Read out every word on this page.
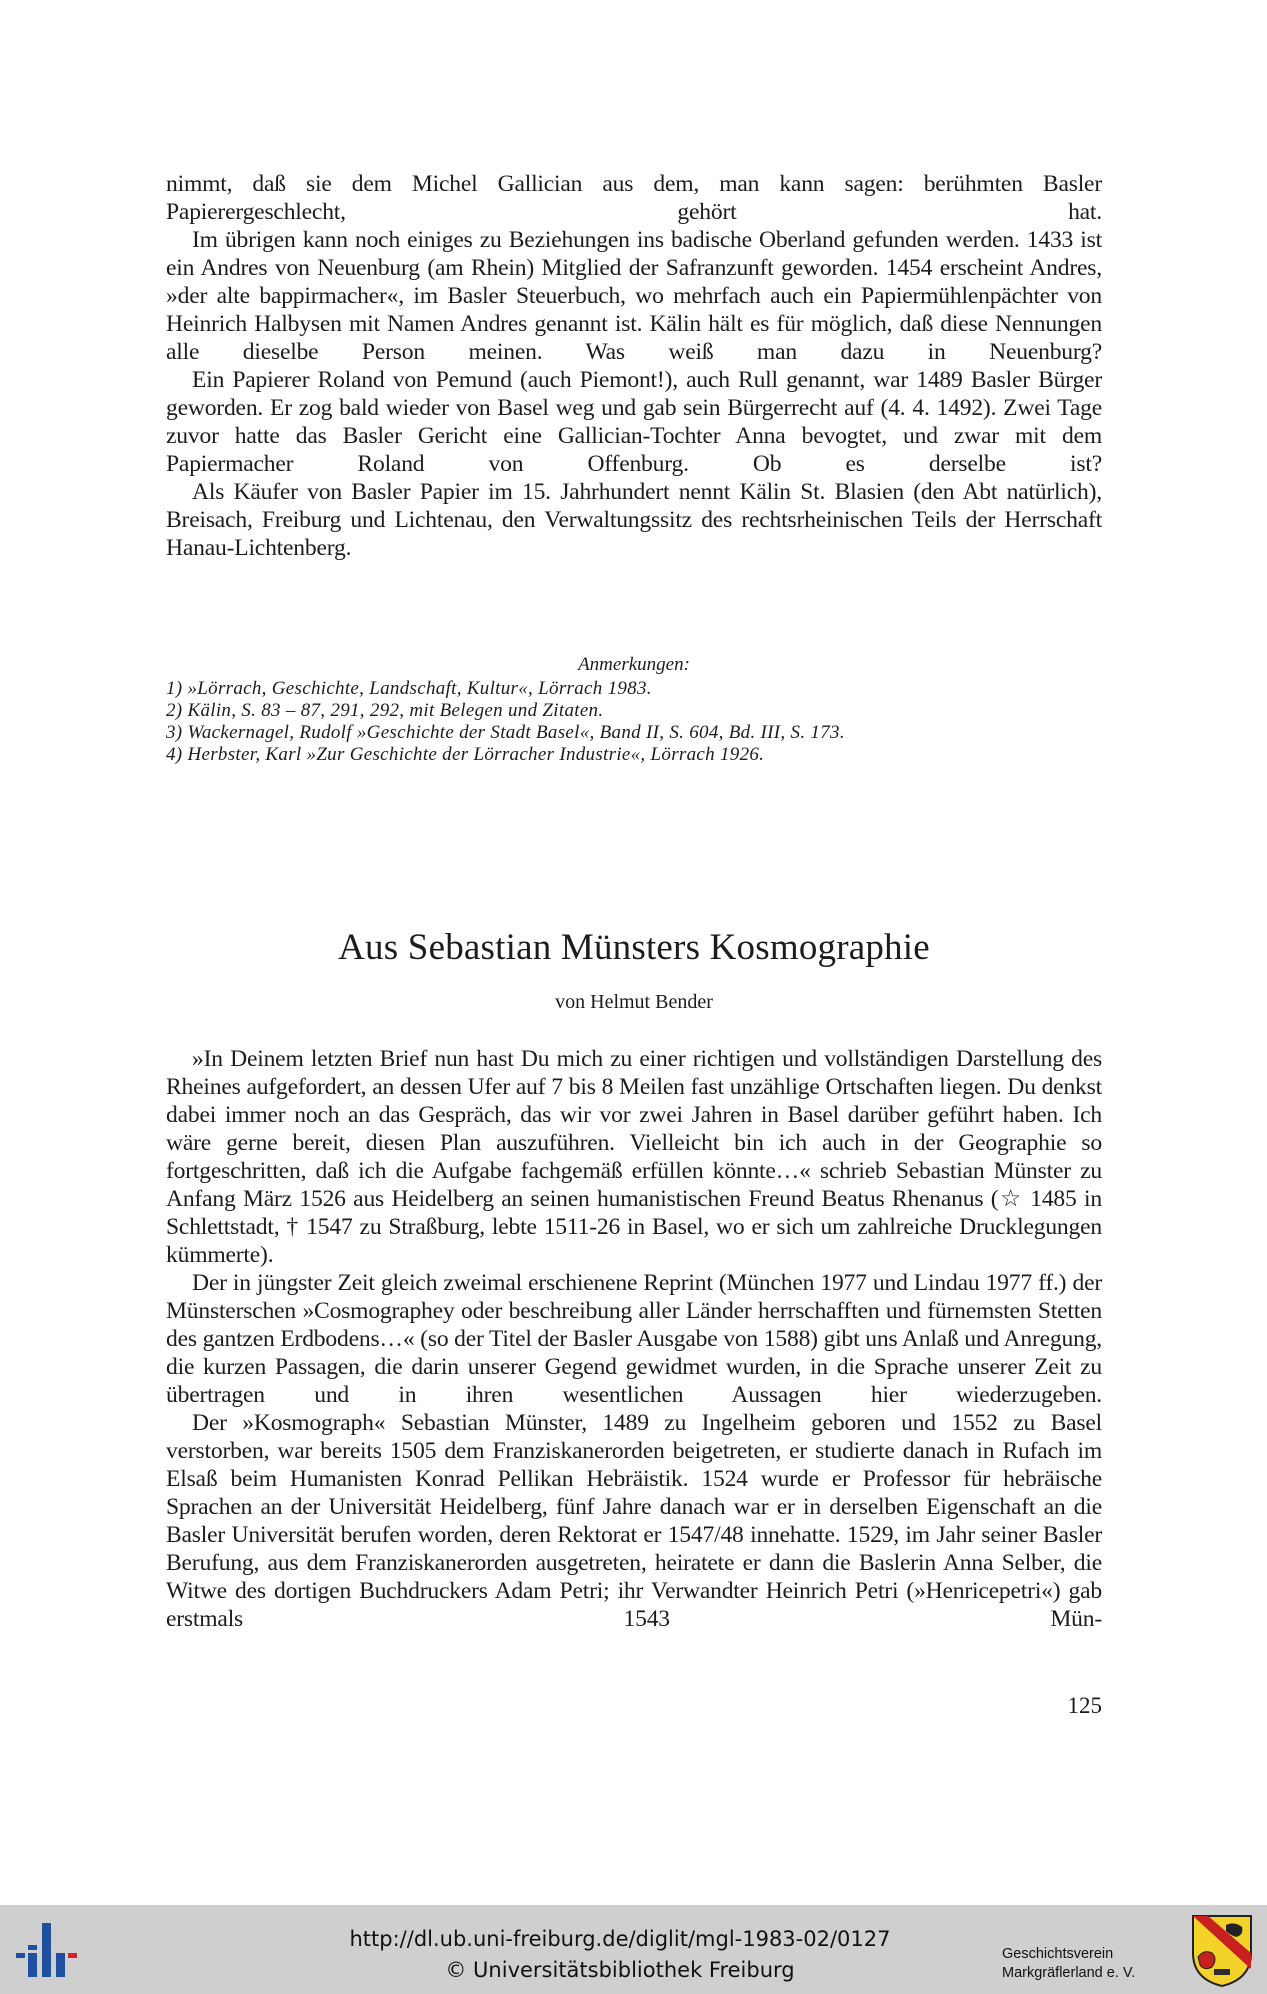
nimmt, daß sie dem Michel Gallician aus dem, man kann sagen: berühmten Basler Papierergeschlecht, gehört hat.

Im übrigen kann noch einiges zu Beziehungen ins badische Oberland gefunden werden. 1433 ist ein Andres von Neuenburg (am Rhein) Mitglied der Safranzunft geworden. 1454 erscheint Andres, »der alte bappirmacher«, im Basler Steuerbuch, wo mehrfach auch ein Papiermühlenpächter von Heinrich Halbysen mit Namen Andres genannt ist. Kälin hält es für möglich, daß diese Nennungen alle dieselbe Person meinen. Was weiß man dazu in Neuenburg?

Ein Papierer Roland von Pemund (auch Piemont!), auch Rull genannt, war 1489 Basler Bürger geworden. Er zog bald wieder von Basel weg und gab sein Bürgerrecht auf (4. 4. 1492). Zwei Tage zuvor hatte das Basler Gericht eine Gallician-Tochter Anna bevogtet, und zwar mit dem Papiermacher Roland von Offenburg. Ob es derselbe ist?

Als Käufer von Basler Papier im 15. Jahrhundert nennt Kälin St. Blasien (den Abt natürlich), Breisach, Freiburg und Lichtenau, den Verwaltungssitz des rechtsrheinischen Teils der Herrschaft Hanau-Lichtenberg.

Anmerkungen:

1) »Lörrach, Geschichte, Landschaft, Kultur«, Lörrach 1983.

2) Kälin, S. 83 – 87, 291, 292, mit Belegen und Zitaten.

3) Wackernagel, Rudolf »Geschichte der Stadt Basel«, Band II, S. 604, Bd. III, S. 173.

4) Herbster, Karl »Zur Geschichte der Lörracher Industrie«, Lörrach 1926.

Aus Sebastian Münsters Kosmographie

von Helmut Bender

»In Deinem letzten Brief nun hast Du mich zu einer richtigen und vollständigen Darstellung des Rheines aufgefordert, an dessen Ufer auf 7 bis 8 Meilen fast unzählige Ortschaften liegen. Du denkst dabei immer noch an das Gespräch, das wir vor zwei Jahren in Basel darüber geführt haben. Ich wäre gerne bereit, diesen Plan auszuführen. Vielleicht bin ich auch in der Geographie so fortgeschritten, daß ich die Aufgabe fachgemäß erfüllen könnte…« schrieb Sebastian Münster zu Anfang März 1526 aus Heidelberg an seinen humanistischen Freund Beatus Rhenanus (☆ 1485 in Schlettstadt, † 1547 zu Straßburg, lebte 1511-26 in Basel, wo er sich um zahlreiche Drucklegungen kümmerte).

Der in jüngster Zeit gleich zweimal erschienene Reprint (München 1977 und Lindau 1977 ff.) der Münsterschen »Cosmographey oder beschreibung aller Länder herrschafften und fürnemsten Stetten des gantzen Erdbodens…« (so der Titel der Basler Ausgabe von 1588) gibt uns Anlaß und Anregung, die kurzen Passagen, die darin unserer Gegend gewidmet wurden, in die Sprache unserer Zeit zu übertragen und in ihren wesentlichen Aussagen hier wiederzugeben.

Der »Kosmograph« Sebastian Münster, 1489 zu Ingelheim geboren und 1552 zu Basel verstorben, war bereits 1505 dem Franziskanerorden beigetreten, er studierte danach in Rufach im Elsaß beim Humanisten Konrad Pellikan Hebräistik. 1524 wurde er Professor für hebräische Sprachen an der Universität Heidelberg, fünf Jahre danach war er in derselben Eigenschaft an die Basler Universität berufen worden, deren Rektorat er 1547/48 innehatte. 1529, im Jahr seiner Basler Berufung, aus dem Franziskanerorden ausgetreten, heiratete er dann die Baslerin Anna Selber, die Witwe des dortigen Buchdruckers Adam Petri; ihr Verwandter Heinrich Petri (»Henricepetri«) gab erstmals 1543 Mün-

125

http://dl.ub.uni-freiburg.de/diglit/mgl-1983-02/0127

© Universitätsbibliothek Freiburg

Geschichtsverein

Markgräflerland e. V.
